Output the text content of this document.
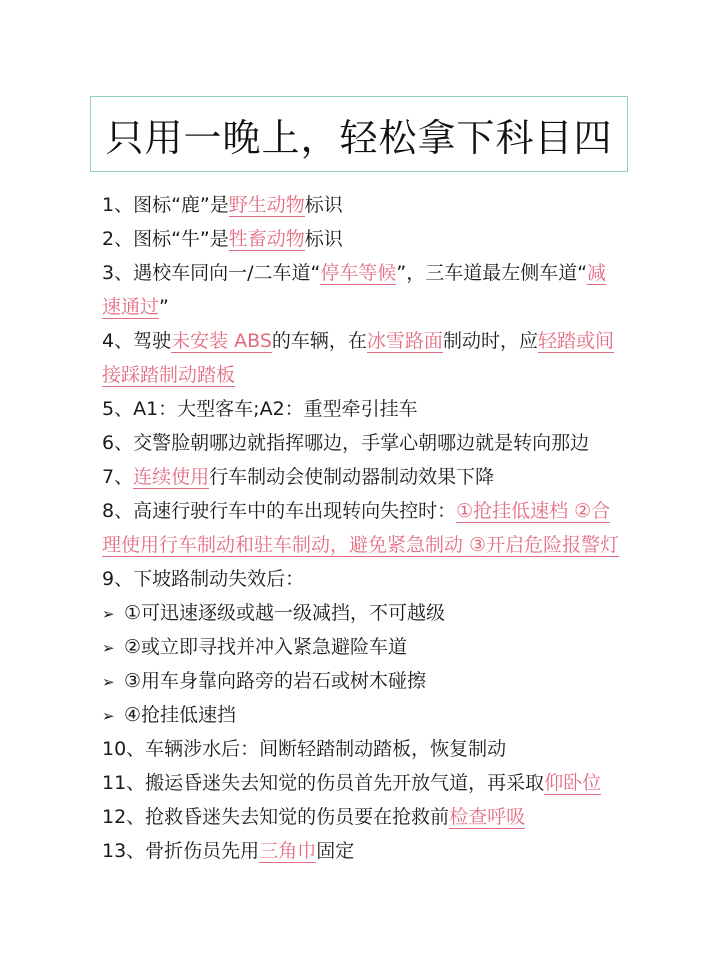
只用一晚上，轻松拿下科目四
1、图标“鹿”是野生动物标识
2、图标“牛”是牲畜动物标识
3、遇校车同向一/二车道“停车等候”，三车道最左侧车道“减
速通过”
4、驾驶未安装 ABS的车辆，在冰雪路面制动时，应轻踏或间
接踩踏制动踏板
5、A1：大型客车;A2：重型牵引挂车
6、交警脸朝哪边就指挥哪边，手掌心朝哪边就是转向那边
7、连续使用行车制动会使制动器制动效果下降
8、高速行驶行车中的车出现转向失控时：①抢挂低速档 ②合
理使用行车制动和驻车制动，避免紧急制动 ③开启危险报警灯
9、下坡路制动失效后：
➢ ①可迅速逐级或越一级减挡，不可越级
➢ ②或立即寻找并冲入紧急避险车道
➢ ③用车身靠向路旁的岩石或树木碰擦
➢ ④抢挂低速挡
10、车辆涉水后：间断轻踏制动踏板，恢复制动
11、搬运昏迷失去知觉的伤员首先开放气道，再采取仰卧位
12、抢救昏迷失去知觉的伤员要在抢救前检查呼吸
13、骨折伤员先用三角巾固定
